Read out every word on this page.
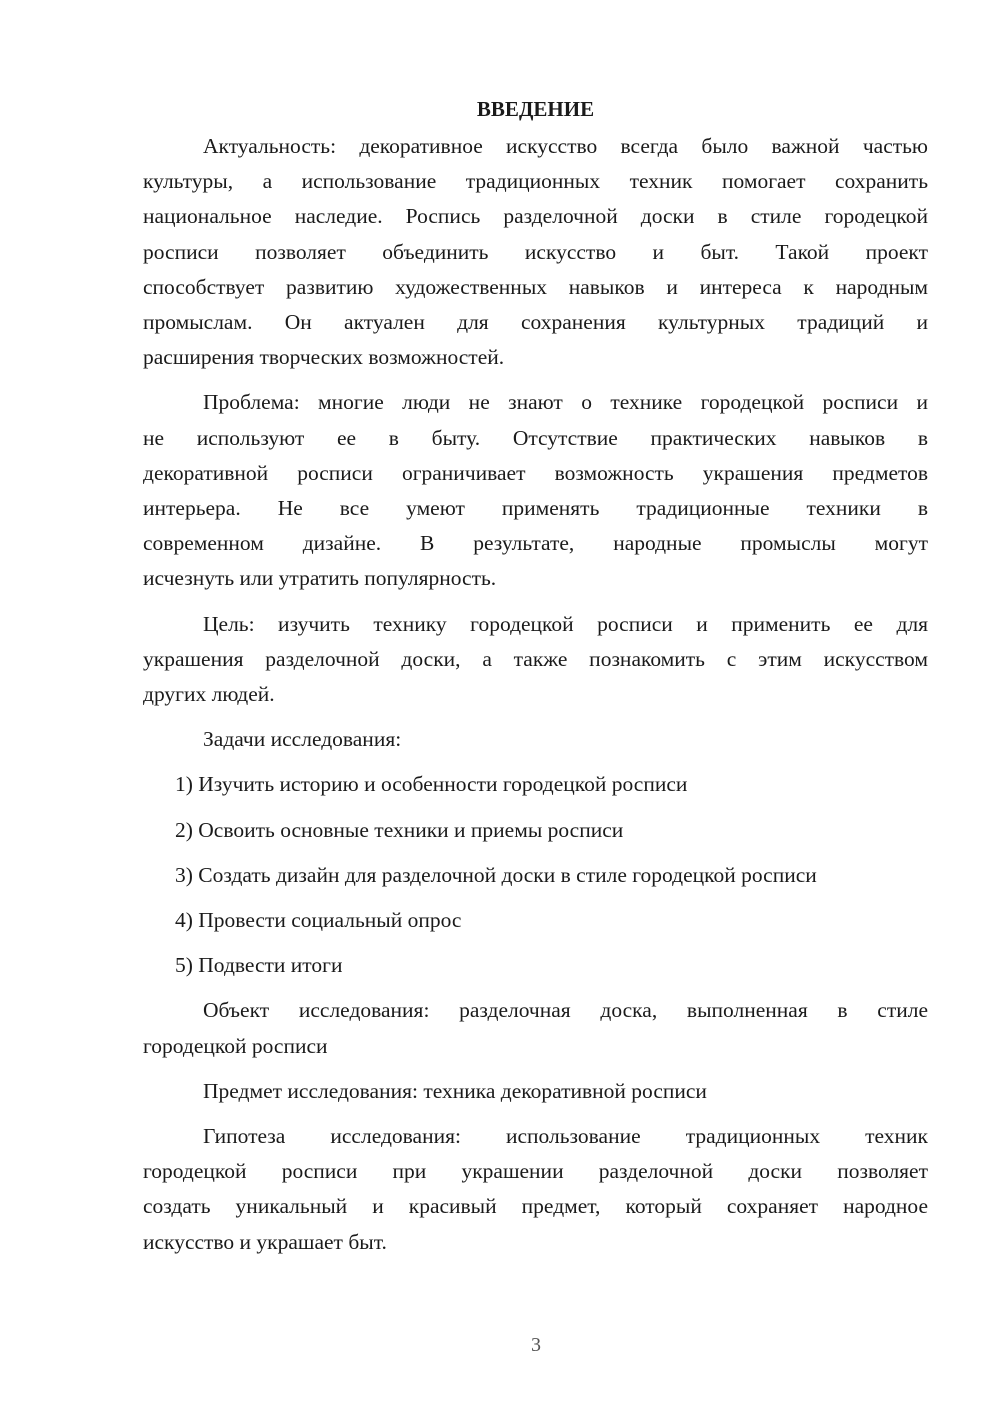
ВВЕДЕНИЕ
Актуальность: декоративное искусство всегда было важной частью
культуры, а использование традиционных техник помогает сохранить
национальное наследие. Роспись разделочной доски в стиле городецкой
росписи позволяет объединить искусство и быт. Такой проект
способствует развитию художественных навыков и интереса к народным
промыслам. Он актуален для сохранения культурных традиций и
расширения творческих возможностей.
Проблема: многие люди не знают о технике городецкой росписи и
не используют ее в быту. Отсутствие практических навыков в
декоративной росписи ограничивает возможность украшения предметов
интерьера. Не все умеют применять традиционные техники в
современном дизайне. В результате, народные промыслы могут
исчезнуть или утратить популярность.
Цель: изучить технику городецкой росписи и применить ее для
украшения разделочной доски, а также познакомить с этим искусством
других людей.
Задачи исследования:
1) Изучить историю и особенности городецкой росписи
2) Освоить основные техники и приемы росписи
3) Создать дизайн для разделочной доски в стиле городецкой росписи
4) Провести социальный опрос
5) Подвести итоги
Объект исследования: разделочная доска, выполненная в стиле
городецкой росписи
Предмет исследования: техника декоративной росписи
Гипотеза исследования: использование традиционных техник
городецкой росписи при украшении разделочной доски позволяет
создать уникальный и красивый предмет, который сохраняет народное
искусство и украшает быт.
3
